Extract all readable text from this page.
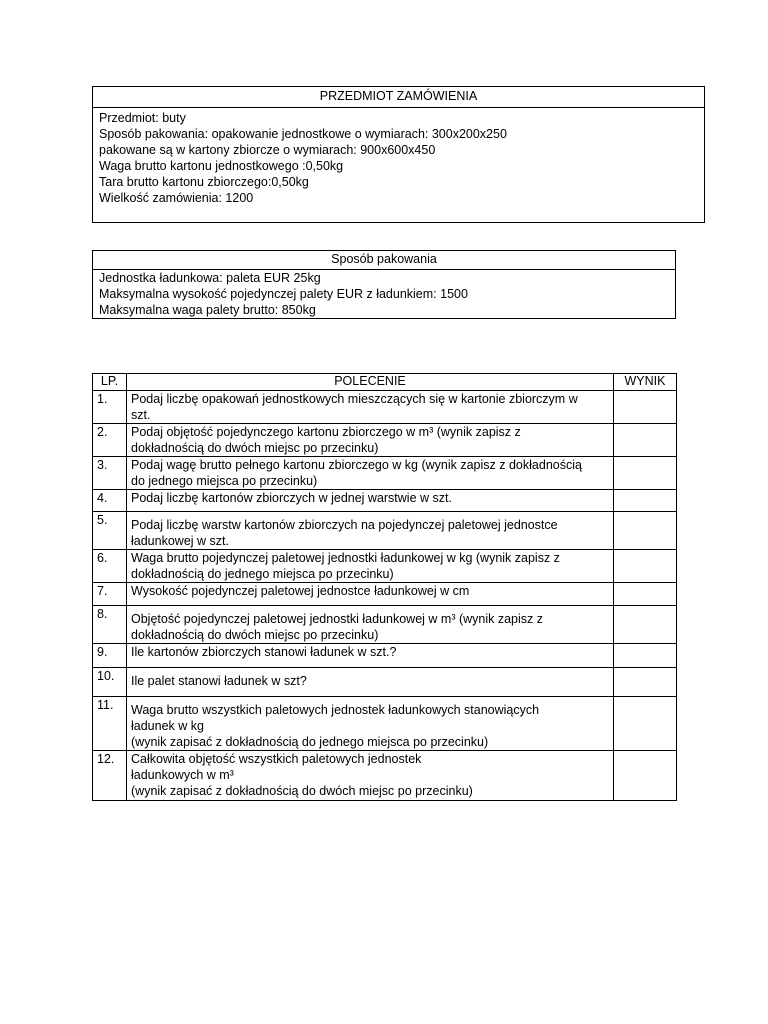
PRZEDMIOT ZAMÓWIENIA
Przedmiot: buty
Sposób pakowania: opakowanie jednostkowe o wymiarach: 300x200x250
pakowane są w kartony zbiorcze o wymiarach: 900x600x450
Waga brutto kartonu jednostkowego :0,50kg
Tara brutto kartonu zbiorczego:0,50kg
Wielkość zamówienia: 1200
Sposób pakowania
Jednostka ładunkowa: paleta EUR 25kg
Maksymalna wysokość pojedynczej palety EUR z ładunkiem: 1500
Maksymalna waga palety brutto: 850kg
LP.	POLECENIE	WYNIK
1.	Podaj liczbę opakowań jednostkowych mieszczących się w kartonie zbiorczym w
szt.	

2.	Podaj objętość pojedynczego kartonu zbiorczego w m³ (wynik zapisz z
dokładnością do dwóch miejsc po przecinku)	

3.	Podaj wagę brutto pełnego kartonu zbiorczego w kg (wynik zapisz z dokładnością
do jednego miejsca po przecinku)	

4.	Podaj liczbę kartonów zbiorczych w jednej warstwie w szt.	

5.	Podaj liczbę warstw kartonów zbiorczych na pojedynczej paletowej jednostce
ładunkowej w szt.	

6.	Waga brutto pojedynczej paletowej jednostki ładunkowej w kg (wynik zapisz z
dokładnością do jednego miejsca po przecinku)	

7.	Wysokość pojedynczej paletowej jednostce ładunkowej w cm	

8.	Objętość pojedynczej paletowej jednostki ładunkowej w m³ (wynik zapisz z
dokładnością do dwóch miejsc po przecinku)	

9.	Ile kartonów zbiorczych stanowi ładunek w szt.?	

10.	Ile palet stanowi ładunek w szt?	

11.	Waga brutto wszystkich paletowych jednostek ładunkowych stanowiących
ładunek w kg
(wynik zapisać z dokładnością do jednego miejsca po przecinku)	

12.	Całkowita objętość wszystkich paletowych jednostek
ładunkowych w m³
(wynik zapisać z dokładnością do dwóch miejsc po przecinku)	
